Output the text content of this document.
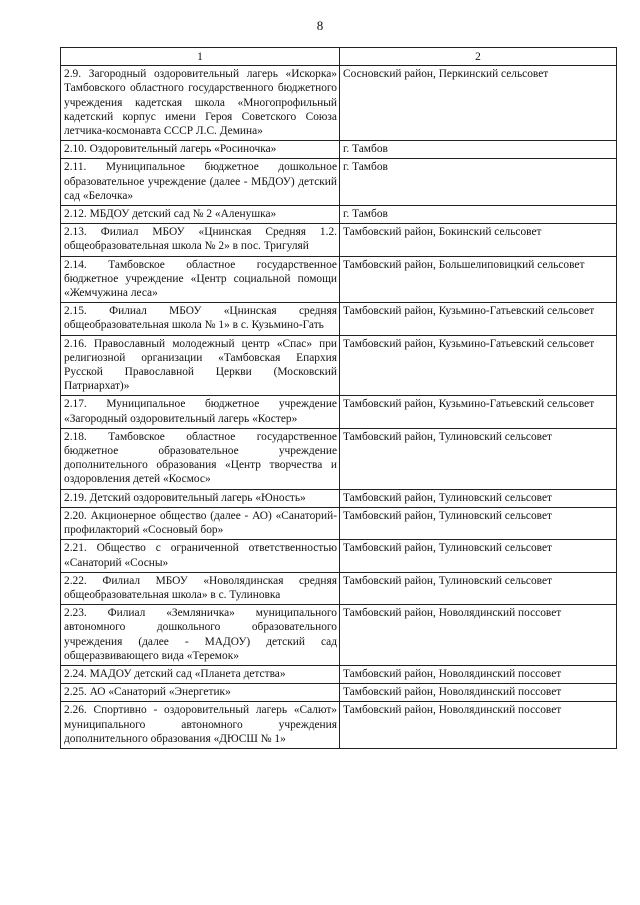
8
1	2
2.9. Загородный оздоровительный лагерь «Искорка» Тамбовского областного государственного бюджетного учреждения кадетская школа «Многопрофильный кадетский корпус имени Героя Советского Союза летчика-космонавта СССР Л.С. Демина»	Сосновский район, Перкинский сельсовет
2.10. Оздоровительный лагерь «Росиночка»	г. Тамбов
2.11. Муниципальное бюджетное дошкольное образовательное учреждение (далее - МБДОУ) детский сад «Белочка»	г. Тамбов
2.12. МБДОУ детский сад № 2 «Аленушка»	г. Тамбов
2.13. Филиал МБОУ «Цнинская Средняя 1.2. общеобразовательная школа № 2» в пос. Тригуляй	Тамбовский район, Бокинский сельсовет
2.14. Тамбовское областное государственное бюджетное учреждение «Центр социальной помощи «Жемчужина леса»	Тамбовский район, Большелиповицкий сельсовет
2.15. Филиал МБОУ «Цнинская средняя общеобразовательная школа № 1» в с. Кузьмино-Гать	Тамбовский район, Кузьмино-Гатьевский сельсовет
2.16. Православный молодежный центр «Спас» при религиозной организации «Тамбовская Епархия Русской Православной Церкви (Московский Патриархат)»	Тамбовский район, Кузьмино-Гатьевский сельсовет
2.17. Муниципальное бюджетное учреждение «Загородный оздоровительный лагерь «Костер»	Тамбовский район, Кузьмино-Гатьевский сельсовет
2.18. Тамбовское областное государственное бюджетное образовательное учреждение дополнительного образования «Центр творчества и оздоровления детей «Космос»	Тамбовский район, Тулиновский сельсовет
2.19. Детский оздоровительный лагерь «Юность»	Тамбовский район, Тулиновский сельсовет
2.20. Акционерное общество (далее - АО) «Санаторий-профилакторий «Сосновый бор»	Тамбовский район, Тулиновский сельсовет
2.21. Общество с ограниченной ответственностью «Санаторий «Сосны»	Тамбовский район, Тулиновский сельсовет
2.22. Филиал МБОУ «Новолядинская средняя общеобразовательная школа» в с. Тулиновка	Тамбовский район, Тулиновский сельсовет
2.23. Филиал «Земляничка» муниципального автономного дошкольного образовательного учреждения (далее - МАДОУ) детский сад общеразвивающего вида «Теремок»	Тамбовский район, Новолядинский поссовет
2.24. МАДОУ детский сад «Планета детства»	Тамбовский район, Новолядинский поссовет
2.25. АО «Санаторий «Энергетик»	Тамбовский район, Новолядинский поссовет
2.26. Спортивно - оздоровительный лагерь «Салют» муниципального автономного учреждения дополнительного образования «ДЮСШ № 1»	Тамбовский район, Новолядинский поссовет
